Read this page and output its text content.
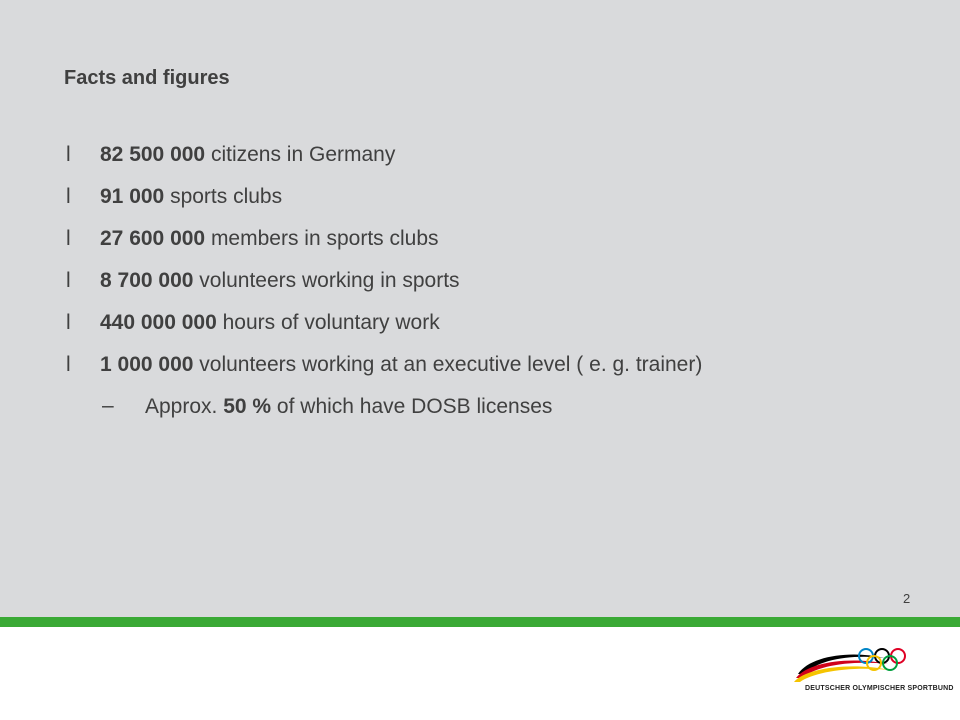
Facts and figures
l 82 500 000 citizens in Germany
l 91 000 sports clubs
l 27 600 000 members in sports clubs
l 8 700 000 volunteers working in sports
l 440 000 000 hours of voluntary work
l 1 000 000 volunteers working at an executive level ( e. g. trainer)
– Approx. 50 % of which have DOSB licenses
2
DEUTSCHER OLYMPISCHER SPORTBUND
